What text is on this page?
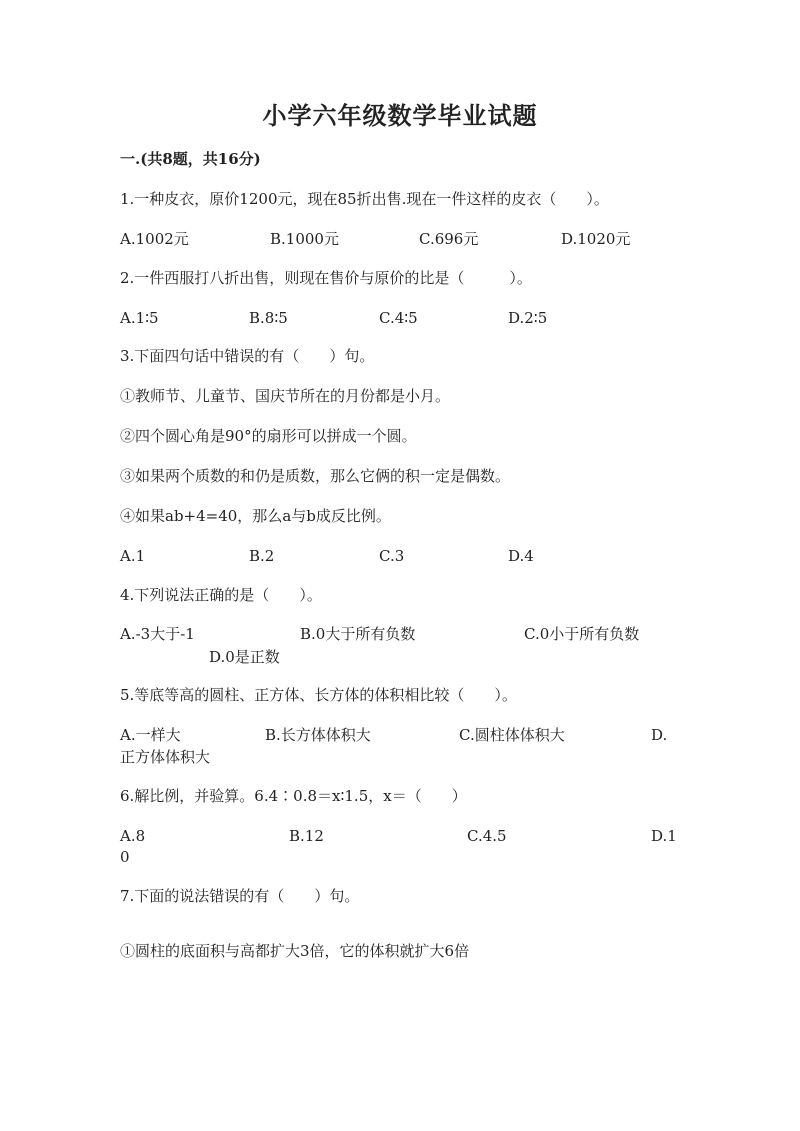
小学六年级数学毕业试题
一.(共8题，共16分)
1.一种皮衣，原价1200元，现在85折出售.现在一件这样的皮衣（　　）。
A.1002元	B.1000元	C.696元	D.1020元
2.一件西服打八折出售，则现在售价与原价的比是（　　　）。
A.1∶5	B.8∶5	C.4∶5	D.2∶5
3.下面四句话中错误的有（　　）句。
①教师节、儿童节、国庆节所在的月份都是小月。
②四个圆心角是90°的扇形可以拼成一个圆。
③如果两个质数的和仍是质数，那么它俩的积一定是偶数。
④如果ab+4=40，那么a与b成反比例。
A.1	B.2	C.3	D.4
4.下列说法正确的是（　　）。
A.-3大于-1	B.0大于所有负数	C.0小于所有负数
D.0是正数
5.等底等高的圆柱、正方体、长方体的体积相比较（　　）。
A.一样大	B.长方体体积大	C.圆柱体体积大	D.
正方体体积大
6.解比例，并验算。6.4∶0.8＝x∶1.5，x＝（　　）
A.8	B.12	C.4.5	D.1
0
7.下面的说法错误的有（　　）句。
①圆柱的底面积与高都扩大3倍，它的体积就扩大6倍
